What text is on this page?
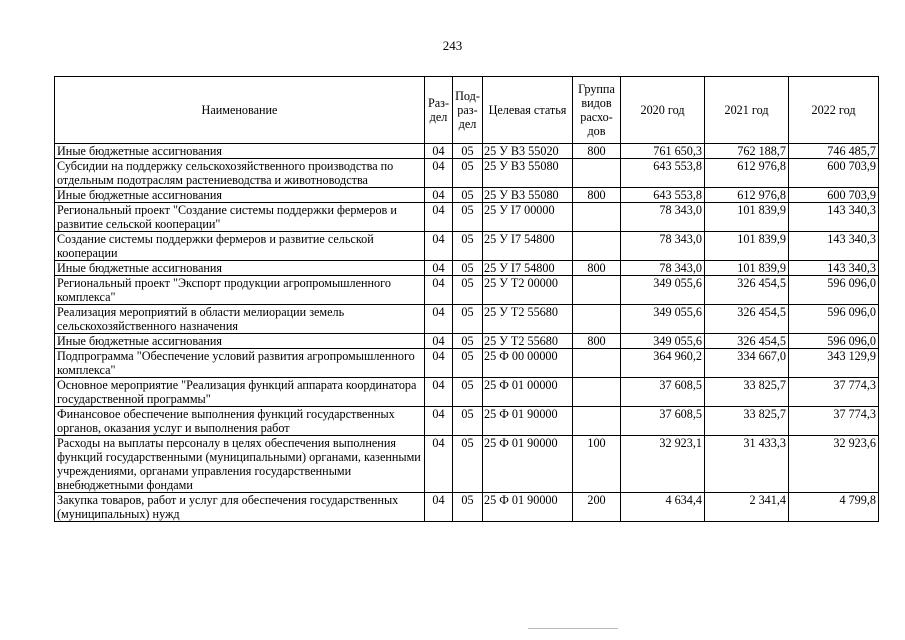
243
Наименование	Раз-дел	Под-раз-дел	Целевая статья	Группа видов расхо-дов	2020 год	2021 год	2022 год
Иные бюджетные ассигнования	04	05	25 У В3 55020	800	761 650,3	762 188,7	746 485,7
Субсидии на поддержку сельскохозяйственного производства по отдельным подотраслям растениеводства и животноводства	04	05	25 У В3 55080		643 553,8	612 976,8	600 703,9
Иные бюджетные ассигнования	04	05	25 У В3 55080	800	643 553,8	612 976,8	600 703,9
Региональный проект "Создание системы поддержки фермеров и развитие сельской кооперации"	04	05	25 У I7 00000		78 343,0	101 839,9	143 340,3
Создание системы поддержки фермеров и развитие сельской кооперации	04	05	25 У I7 54800		78 343,0	101 839,9	143 340,3
Иные бюджетные ассигнования	04	05	25 У I7 54800	800	78 343,0	101 839,9	143 340,3
Региональный проект "Экспорт продукции агропромышленного комплекса"	04	05	25 У Т2 00000		349 055,6	326 454,5	596 096,0
Реализация мероприятий в области мелиорации земель сельскохозяйственного назначения	04	05	25 У Т2 55680		349 055,6	326 454,5	596 096,0
Иные бюджетные ассигнования	04	05	25 У Т2 55680	800	349 055,6	326 454,5	596 096,0
Подпрограмма "Обеспечение условий развития агропромышленного комплекса"	04	05	25 Ф 00 00000		364 960,2	334 667,0	343 129,9
Основное мероприятие "Реализация функций аппарата координатора государственной программы"	04	05	25 Ф 01 00000		37 608,5	33 825,7	37 774,3
Финансовое обеспечение выполнения функций государственных органов, оказания услуг и выполнения работ	04	05	25 Ф 01 90000		37 608,5	33 825,7	37 774,3
Расходы на выплаты персоналу в целях обеспечения выполнения функций государственными (муниципальными) органами, казенными учреждениями, органами управления государственными внебюджетными фондами	04	05	25 Ф 01 90000	100	32 923,1	31 433,3	32 923,6
Закупка товаров, работ и услуг для обеспечения государственных (муниципальных) нужд	04	05	25 Ф 01 90000	200	4 634,4	2 341,4	4 799,8
